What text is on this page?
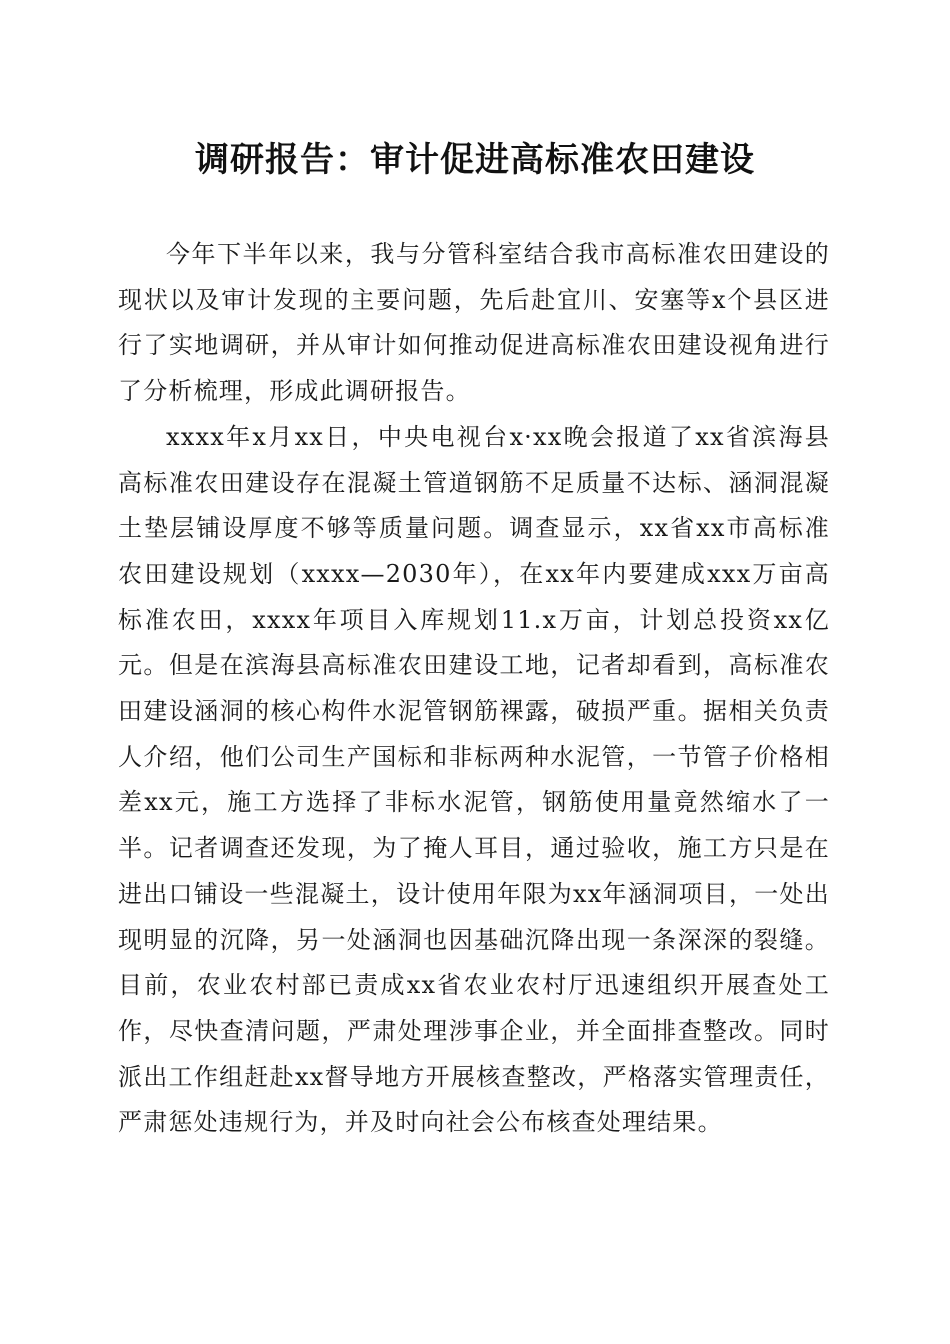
调研报告：审计促进高标准农田建设

今年下半年以来，我与分管科室结合我市高标准农田建设的现状以及审计发现的主要问题，先后赴宜川、安塞等x个县区进行了实地调研，并从审计如何推动促进高标准农田建设视角进行了分析梳理，形成此调研报告。

xxxx年x月xx日，中央电视台x·xx晚会报道了xx省滨海县高标准农田建设存在混凝土管道钢筋不足质量不达标、涵洞混凝土垫层铺设厚度不够等质量问题。调查显示，xx省xx市高标准农田建设规划（xxxx—2030年），在xx年内要建成xxx万亩高标准农田，xxxx年项目入库规划11.x万亩，计划总投资xx亿元。但是在滨海县高标准农田建设工地，记者却看到，高标准农田建设涵洞的核心构件水泥管钢筋裸露，破损严重。据相关负责人介绍，他们公司生产国标和非标两种水泥管，一节管子价格相差xx元，施工方选择了非标水泥管，钢筋使用量竟然缩水了一半。记者调查还发现，为了掩人耳目，通过验收，施工方只是在进出口铺设一些混凝土，设计使用年限为xx年涵洞项目，一处出现明显的沉降，另一处涵洞也因基础沉降出现一条深深的裂缝。目前，农业农村部已责成xx省农业农村厅迅速组织开展查处工作，尽快查清问题，严肃处理涉事企业，并全面排查整改。同时派出工作组赶赴xx督导地方开展核查整改，严格落实管理责任，严肃惩处违规行为，并及时向社会公布核查处理结果。
